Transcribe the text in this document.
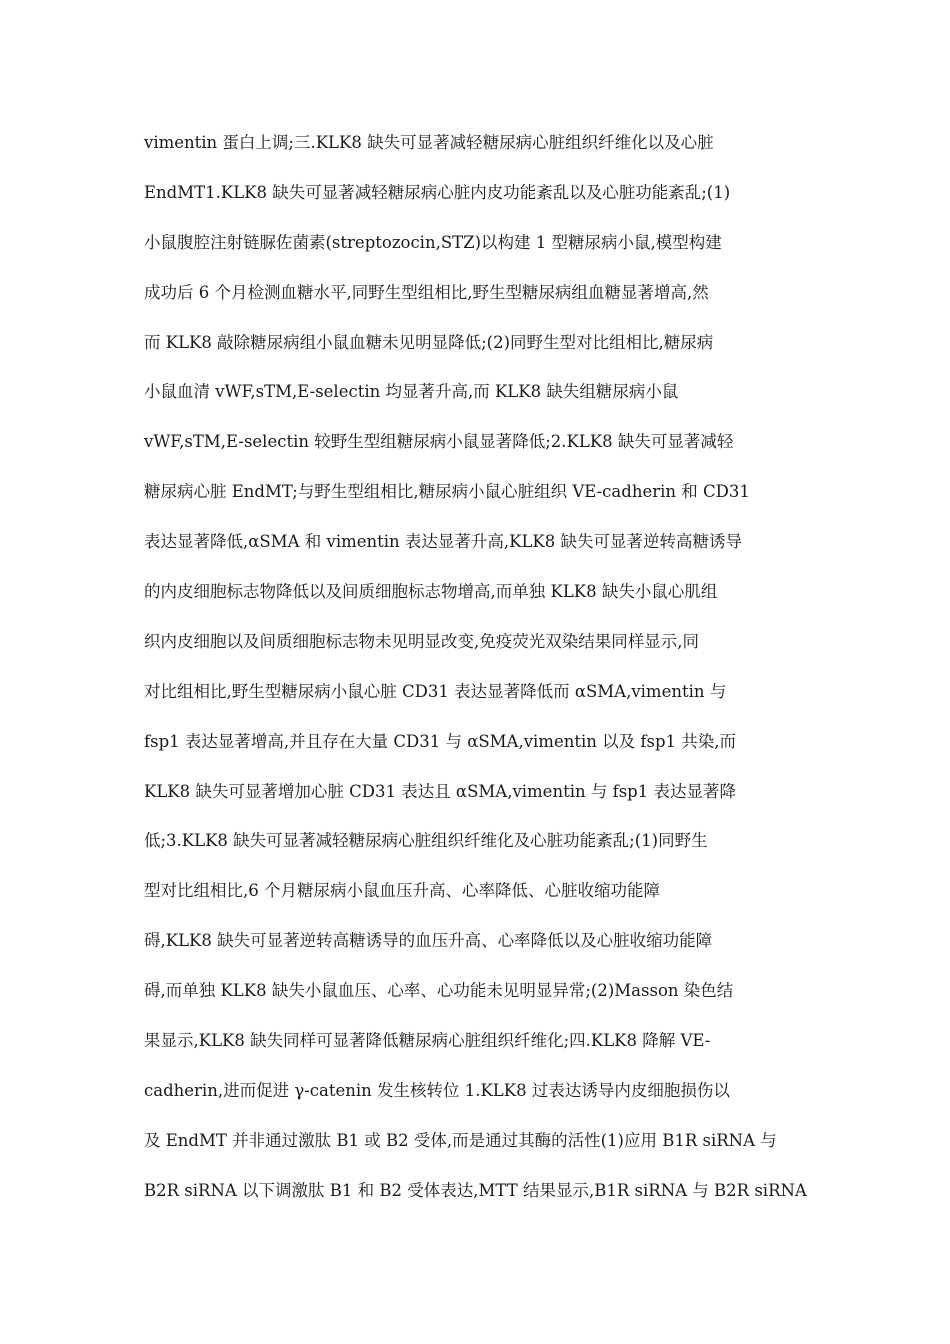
vimentin 蛋白上调;三.KLK8 缺失可显著减轻糖尿病心脏组织纤维化以及心脏
EndMT1.KLK8 缺失可显著减轻糖尿病心脏内皮功能紊乱以及心脏功能紊乱;(1)
小鼠腹腔注射链脲佐菌素(streptozocin,STZ)以构建 1 型糖尿病小鼠,模型构建
成功后 6 个月检测血糖水平,同野生型组相比,野生型糖尿病组血糖显著增高,然
而 KLK8 敲除糖尿病组小鼠血糖未见明显降低;(2)同野生型对比组相比,糖尿病
小鼠血清 vWF,sTM,E-selectin 均显著升高,而 KLK8 缺失组糖尿病小鼠
vWF,sTM,E-selectin 较野生型组糖尿病小鼠显著降低;2.KLK8 缺失可显著减轻
糖尿病心脏 EndMT;与野生型组相比,糖尿病小鼠心脏组织 VE-cadherin 和 CD31
表达显著降低,αSMA 和 vimentin 表达显著升高,KLK8 缺失可显著逆转高糖诱导
的内皮细胞标志物降低以及间质细胞标志物增高,而单独 KLK8 缺失小鼠心肌组
织内皮细胞以及间质细胞标志物未见明显改变,免疫荧光双染结果同样显示,同
对比组相比,野生型糖尿病小鼠心脏 CD31 表达显著降低而 αSMA,vimentin 与
fsp1 表达显著增高,并且存在大量 CD31 与 αSMA,vimentin 以及 fsp1 共染,而
KLK8 缺失可显著增加心脏 CD31 表达且 αSMA,vimentin 与 fsp1 表达显著降
低;3.KLK8 缺失可显著减轻糖尿病心脏组织纤维化及心脏功能紊乱;(1)同野生
型对比组相比,6 个月糖尿病小鼠血压升高、心率降低、心脏收缩功能障
碍,KLK8 缺失可显著逆转高糖诱导的血压升高、心率降低以及心脏收缩功能障
碍,而单独 KLK8 缺失小鼠血压、心率、心功能未见明显异常;(2)Masson 染色结
果显示,KLK8 缺失同样可显著降低糖尿病心脏组织纤维化;四.KLK8 降解 VE-
cadherin,进而促进 γ-catenin 发生核转位 1.KLK8 过表达诱导内皮细胞损伤以
及 EndMT 并非通过激肽 B1 或 B2 受体,而是通过其酶的活性(1)应用 B1R siRNA 与
B2R siRNA 以下调激肽 B1 和 B2 受体表达,MTT 结果显示,B1R siRNA 与 B2R siRNA
